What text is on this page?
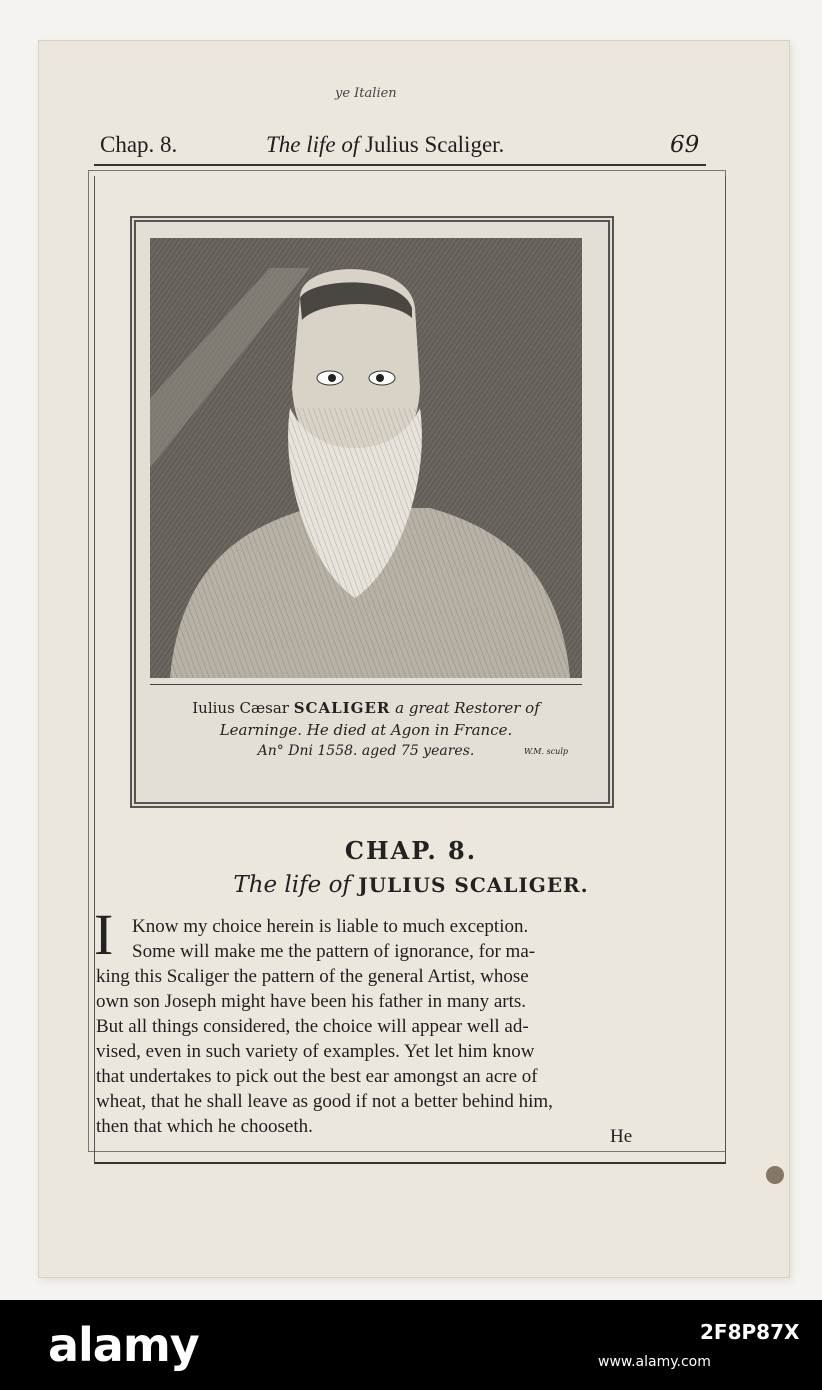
ye Italien
Chap. 8.	The life of Julius Scaliger.	69
Iulius Cæsar SCALIGER a great Restorer of
Learninge. He died at Agon in France.
An° Dni 1558. aged 75 yeares.	W.M. sculp
CHAP. 8.
The life of JULIUS SCALIGER.
I Know my choice herein is liable to much exception.
Some will make me the pattern of ignorance, for ma-
king this Scaliger the pattern of the general Artist, whose
own son Joseph might have been his father in many arts.
But all things considered, the choice will appear well ad-
vised, even in such variety of examples. Yet let him know
that undertakes to pick out the best ear amongst an acre of
wheat, that he shall leave as good if not a better behind him,
then that which he chooseth.	He
alamy	2F8P87X
www.alamy.com
